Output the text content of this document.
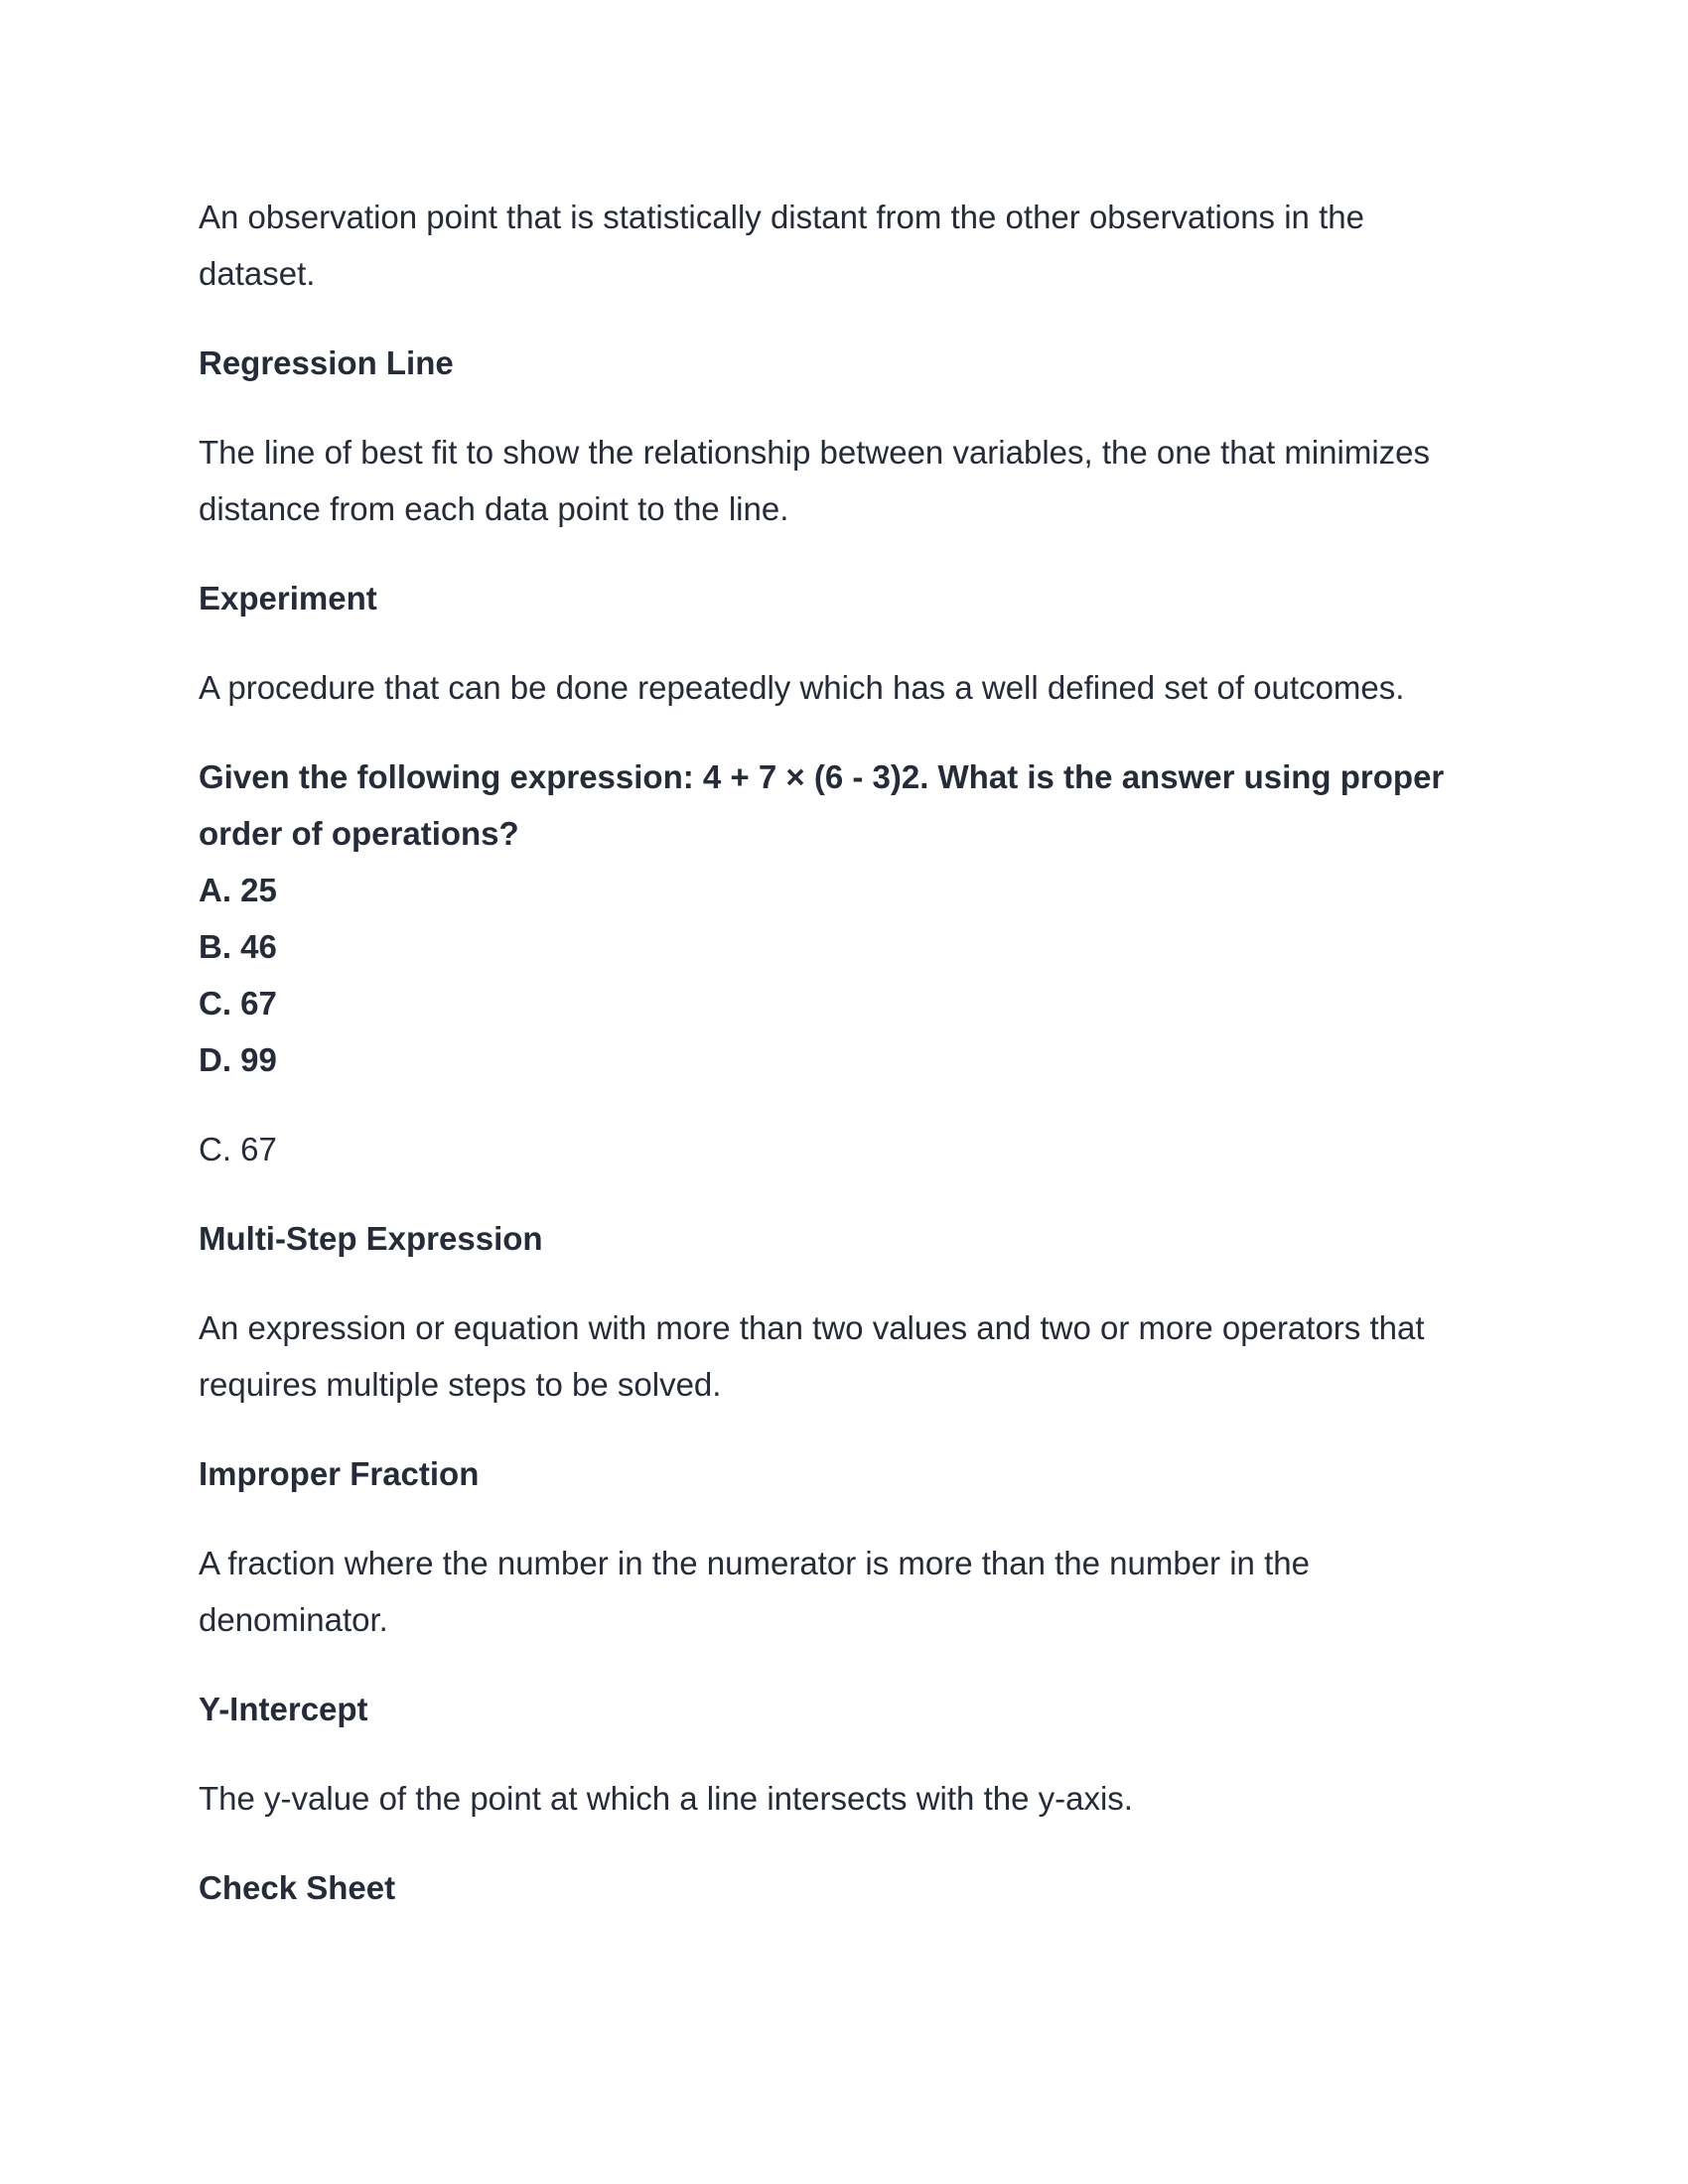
An observation point that is statistically distant from the other observations in the dataset.

Regression Line

The line of best fit to show the relationship between variables, the one that minimizes distance from each data point to the line.

Experiment

A procedure that can be done repeatedly which has a well defined set of outcomes.

Given the following expression: 4 + 7 × (6 - 3)2. What is the answer using proper order of operations?

A. 25
B. 46
C. 67
D. 99

C. 67

Multi-Step Expression

An expression or equation with more than two values and two or more operators that requires multiple steps to be solved.

Improper Fraction

A fraction where the number in the numerator is more than the number in the denominator.

Y-Intercept

The y-value of the point at which a line intersects with the y-axis.

Check Sheet
